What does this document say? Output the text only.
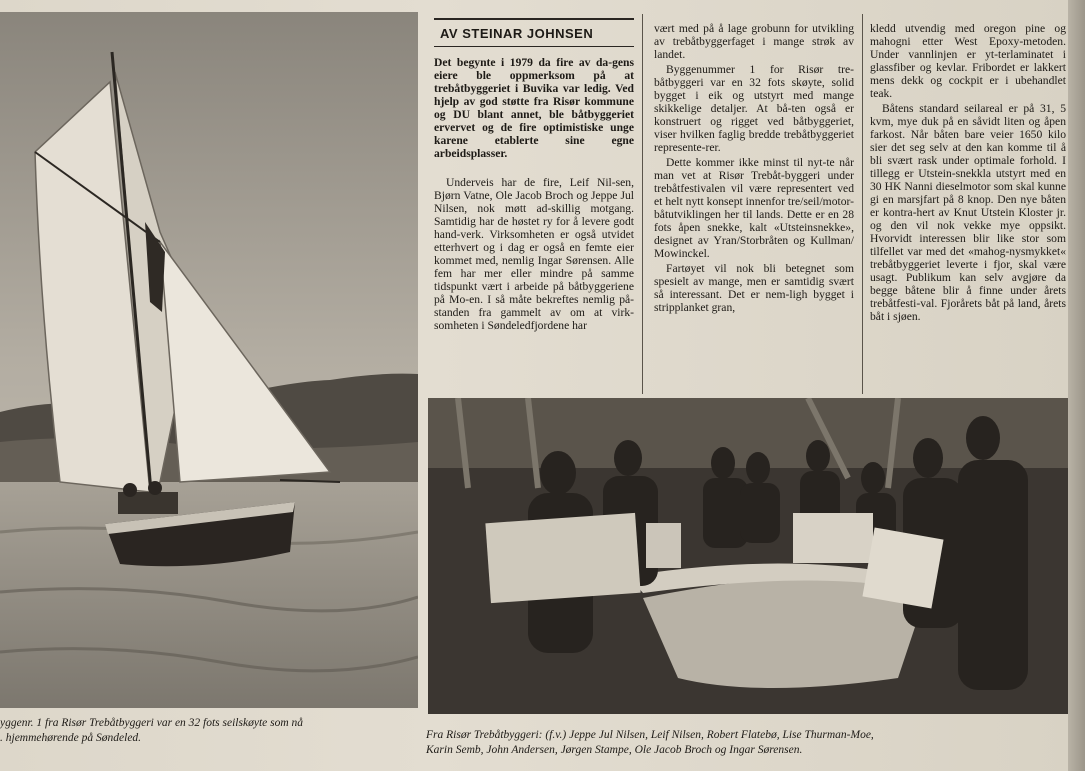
AV STEINAR JOHNSEN

Det begynte i 1979 da fire av da-gens eiere ble oppmerksom på at trebåtbyggeriet i Buvika var ledig. Ved hjelp av god støtte fra Risør kommune og DU blant annet, ble båtbyggeriet ervervet og de fire optimistiske unge karene etablerte sine egne arbeidsplasser.

Underveis har de fire, Leif Nil-sen, Bjørn Vatne, Ole Jacob Broch og Jeppe Jul Nilsen, nok møtt ad-skillig motgang. Samtidig har de høstet ry for å levere godt hand-verk. Virksomheten er også utvidet etterhvert og i dag er også en femte eier kommet med, nemlig Ingar Sørensen. Alle fem har mer eller mindre på samme tidspunkt vært i arbeide på båtbyggeriene på Mo-en. I så måte bekreftes nemlig på-standen fra gammelt av om at virk-somheten i Søndeledfjordene har

vært med på å lage grobunn for utvikling av trebåtbyggerfaget i mange strøk av landet.

Byggenummer 1 for Risør tre-båtbyggeri var en 32 fots skøyte, solid bygget i eik og utstyrt med mange skikkelige detaljer. At bå-ten også er konstruert og rigget ved båtbyggeriet, viser hvilken faglig bredde trebåtbyggeriet represente-rer.

Dette kommer ikke minst til nyt-te når man vet at Risør Trebåt-byggeri under trebåtfestivalen vil være representert ved et helt nytt konsept innenfor tre/seil/motor-båtutviklingen her til lands. Dette er en 28 fots åpen snekke, kalt «Utsteinsnekke», designet av Yran/Storbråten og Kullman/ Mowinckel.

Fartøyet vil nok bli betegnet som spesielt av mange, men er samtidig svært så interessant. Det er nem-ligh bygget i stripplanket gran,

kledd utvendig med oregon pine og mahogni etter West Epoxy-metoden. Under vannlinjen er yt-terlaminatet i glassfiber og kevlar. Fribordet er lakkert mens dekk og cockpit er i ubehandlet teak.

Båtens standard seilareal er på 31, 5 kvm, mye duk på en såvidt liten og åpen farkost. Når båten bare veier 1650 kilo sier det seg selv at den kan komme til å bli svært rask under optimale forhold. I tillegg er Utstein-snekkla utstyrt med en 30 HK Nanni dieselmotor som skal kunne gi en marsjfart på 8 knop. Den nye båten er kontra-hert av Knut Utstein Kloster jr. og den vil nok vekke mye oppsikt. Hvorvidt interessen blir like stor som tilfellet var med det «mahog-nysmykket« trebåtbyggeriet leverte i fjor, skal være usagt. Publikum kan selv avgjøre da begge båtene blir å finne under årets trebåtfesti-val. Fjorårets båt på land, årets båt i sjøen.

yggenr. 1 fra Risør Trebåtbyggeri var en 32 fots seilskøyte som nå
. hjemmehørende på Søndeled.	Fra Risør Trebåtbyggeri: (f.v.) Jeppe Jul Nilsen, Leif Nilsen, Robert Flatebø, Lise Thurman-Moe,
Karin Semb, John Andersen, Jørgen Stampe, Ole Jacob Broch og Ingar Sørensen.
